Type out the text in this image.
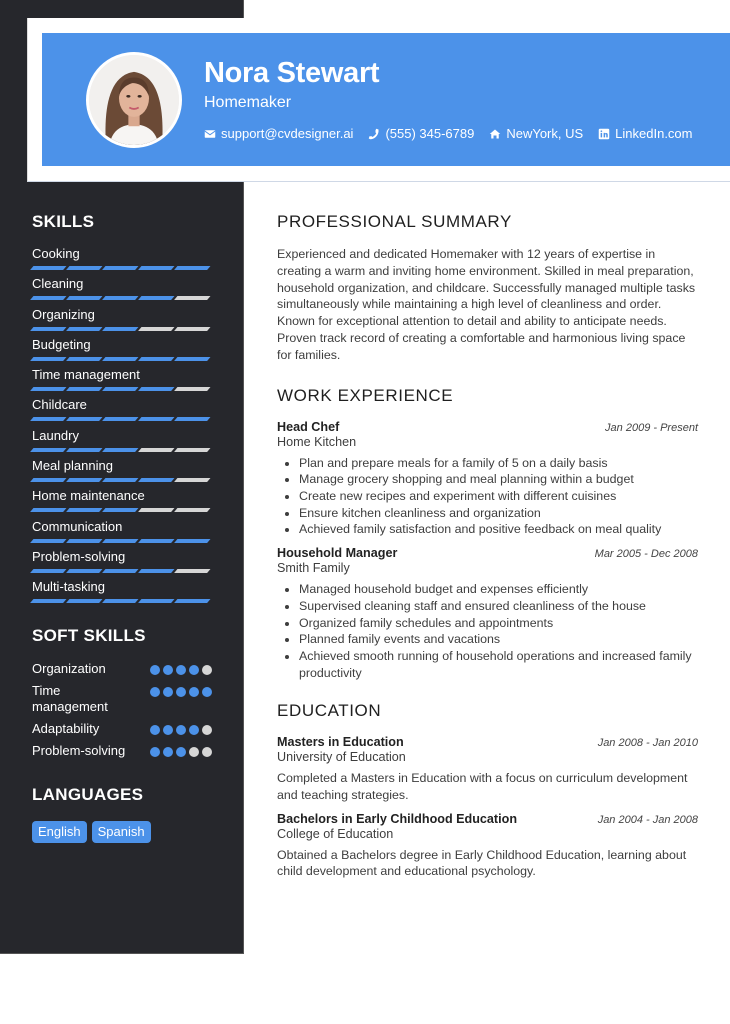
SKILLS
Cooking
Cleaning
Organizing
Budgeting
Time management
Childcare
Laundry
Meal planning
Home maintenance
Communication
Problem-solving
Multi-tasking
SOFT SKILLS
Organization
Time management
Adaptability
Problem-solving
LANGUAGES
English	Spanish
Nora Stewart
Homemaker
support@cvdesigner.ai (555) 345-6789 NewYork, US LinkedIn.com
PROFESSIONAL SUMMARY
Experienced and dedicated Homemaker with 12 years of expertise in creating a warm and inviting home environment. Skilled in meal preparation, household organization, and childcare. Successfully managed multiple tasks simultaneously while maintaining a high level of cleanliness and order. Known for exceptional attention to detail and ability to anticipate needs. Proven track record of creating a comfortable and harmonious living space for families.
WORK EXPERIENCE
Head Chef	Jan 2009 - Present
Home Kitchen
• Plan and prepare meals for a family of 5 on a daily basis
• Manage grocery shopping and meal planning within a budget
• Create new recipes and experiment with different cuisines
• Ensure kitchen cleanliness and organization
• Achieved family satisfaction and positive feedback on meal quality
Household Manager	Mar 2005 - Dec 2008
Smith Family
• Managed household budget and expenses efficiently
• Supervised cleaning staff and ensured cleanliness of the house
• Organized family schedules and appointments
• Planned family events and vacations
• Achieved smooth running of household operations and increased family productivity
EDUCATION
Masters in Education	Jan 2008 - Jan 2010
University of Education
Completed a Masters in Education with a focus on curriculum development and teaching strategies.
Bachelors in Early Childhood Education	Jan 2004 - Jan 2008
College of Education
Obtained a Bachelors degree in Early Childhood Education, learning about child development and educational psychology.
